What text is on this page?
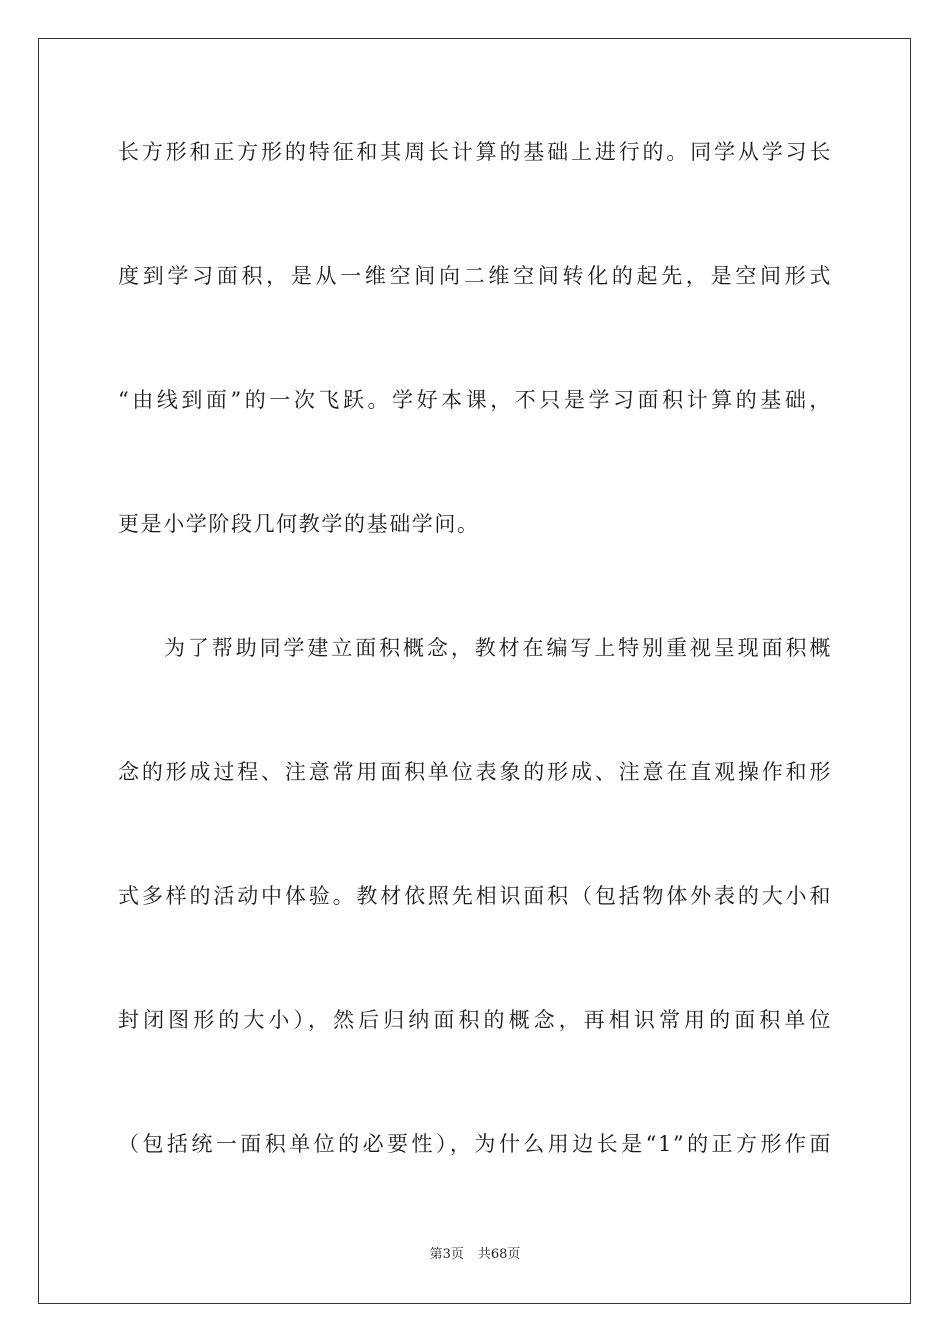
长方形和正方形的特征和其周长计算的基础上进行的。同学从学习长
度到学习面积，是从一维空间向二维空间转化的起先，是空间形式
“由线到面”的一次飞跃。学好本课，不只是学习面积计算的基础，
更是小学阶段几何教学的基础学问。
为了帮助同学建立面积概念，教材在编写上特别重视呈现面积概
念的形成过程、注意常用面积单位表象的形成、注意在直观操作和形
式多样的活动中体验。教材依照先相识面积（包括物体外表的大小和
封闭图形的大小），然后归纳面积的概念，再相识常用的面积单位
（包括统一面积单位的必要性），为什么用边长是“1”的正方形作面
第3页 共68页
